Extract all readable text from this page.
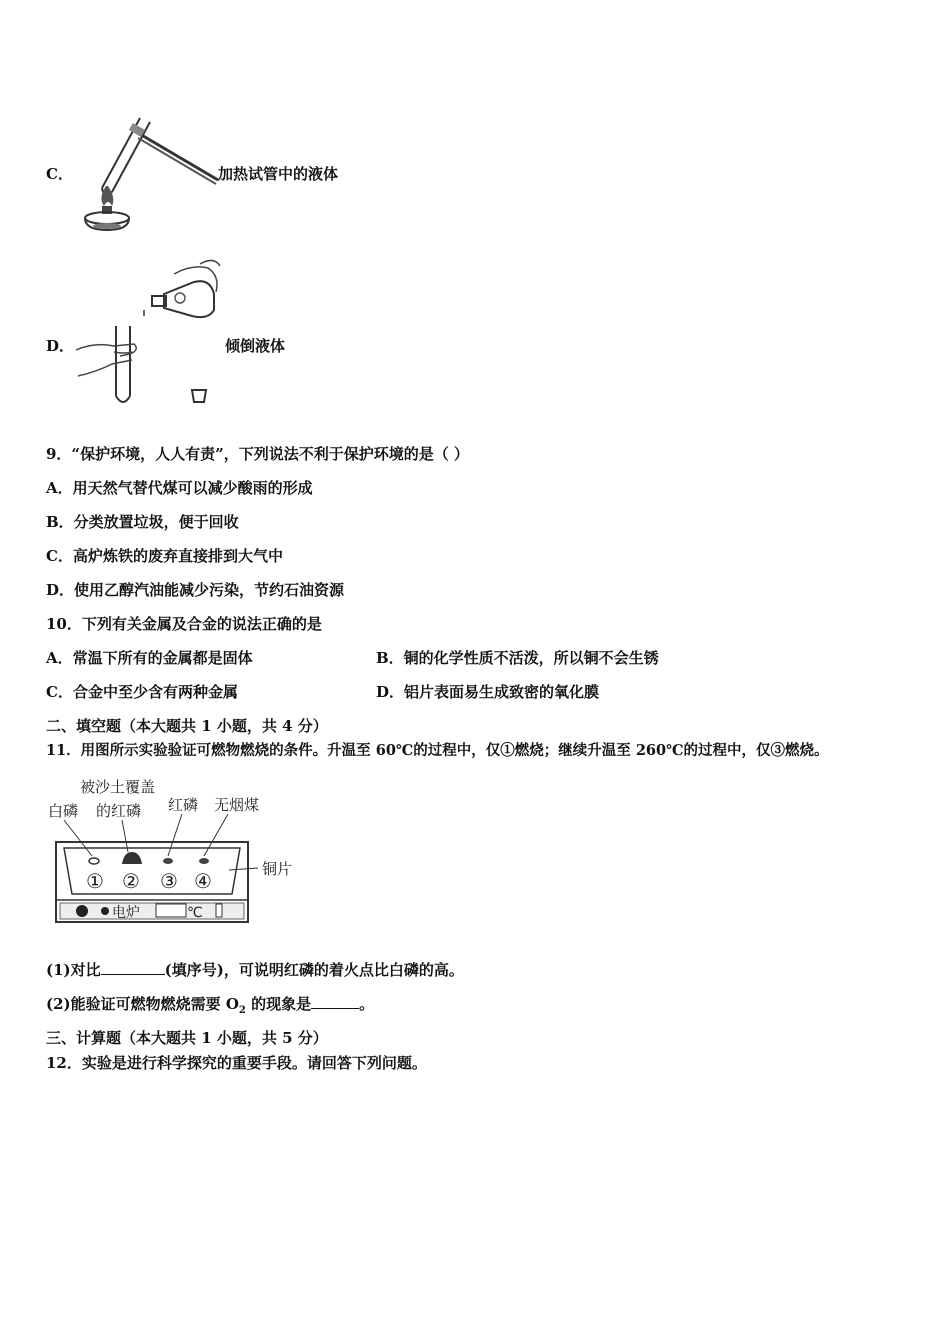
C．	加热试管中的液体
D．	倾倒液体
9．“保护环境，人人有责”，下列说法不利于保护环境的是（ ）
A．用天然气替代煤可以减少酸雨的形成
B．分类放置垃圾，便于回收
C．高炉炼铁的废弃直接排到大气中
D．使用乙醇汽油能减少污染，节约石油资源
10．下列有关金属及合金的说法正确的是
A．常温下所有的金属都是固体	B．铜的化学性质不活泼，所以铜不会生锈
C．合金中至少含有两种金属	D．铝片表面易生成致密的氧化膜
二、填空题（本大题共 1 小题，共 4 分）
11．用图所示实验验证可燃物燃烧的条件。升温至 60℃的过程中，仅①燃烧；继续升温至 260℃的过程中，仅③燃烧。
被沙土覆盖
白磷 的红磷 红磷 无烟煤
铜片
① ② ③ ④
电炉	℃
(1)对比	(填序号)，可说明红磷的着火点比白磷的高。
(2)能验证可燃物燃烧需要 $O_2$ 的现象是	。
三、计算题（本大题共 1 小题，共 5 分）
12．实验是进行科学探究的重要手段。请回答下列问题。
